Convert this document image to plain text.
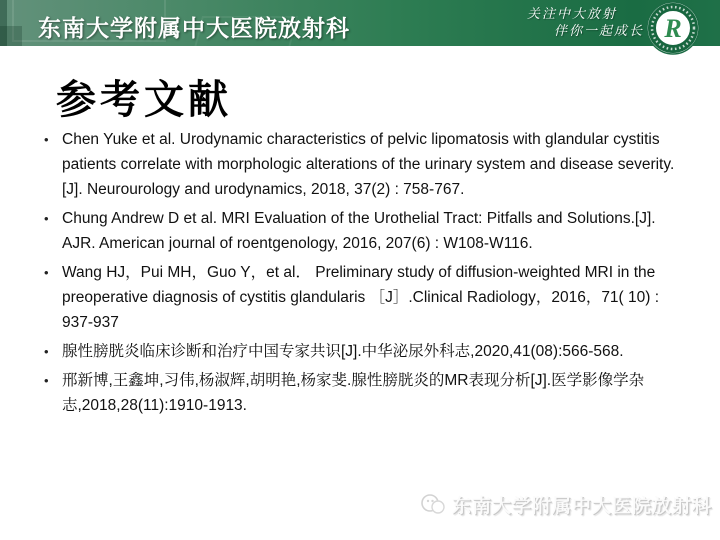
东南大学附属中大医院放射科
关注中大放射
伴你一起成长 R
参考文献
• Chen Yuke et al. Urodynamic characteristics of pelvic lipomatosis with glandular cystitis patients correlate with morphologic alterations of the urinary system and disease severity.[J]. Neurourology and urodynamics, 2018, 37(2) : 758-767.
• Chung Andrew D et al. MRI Evaluation of the Urothelial Tract: Pitfalls and Solutions.[J]. AJR. American journal of roentgenology, 2016, 207(6) : W108-W116.
• Wang HJ，Pui MH，Guo Y，et al． Preliminary study of diffusion-weighted MRI in the preoperative diagnosis of cystitis glandularis ［J］.Clinical Radiology，2016，71( 10) : 937-937
• 腺性膀胱炎临床诊断和治疗中国专家共识[J].中华泌尿外科志,2020,41(08):566-568.
• 邢新博,王鑫坤,习伟,杨淑辉,胡明艳,杨家斐.腺性膀胱炎的MR表现分析[J].医学影像学杂志,2018,28(11):1910-1913.
东南大学附属中大医院放射科
